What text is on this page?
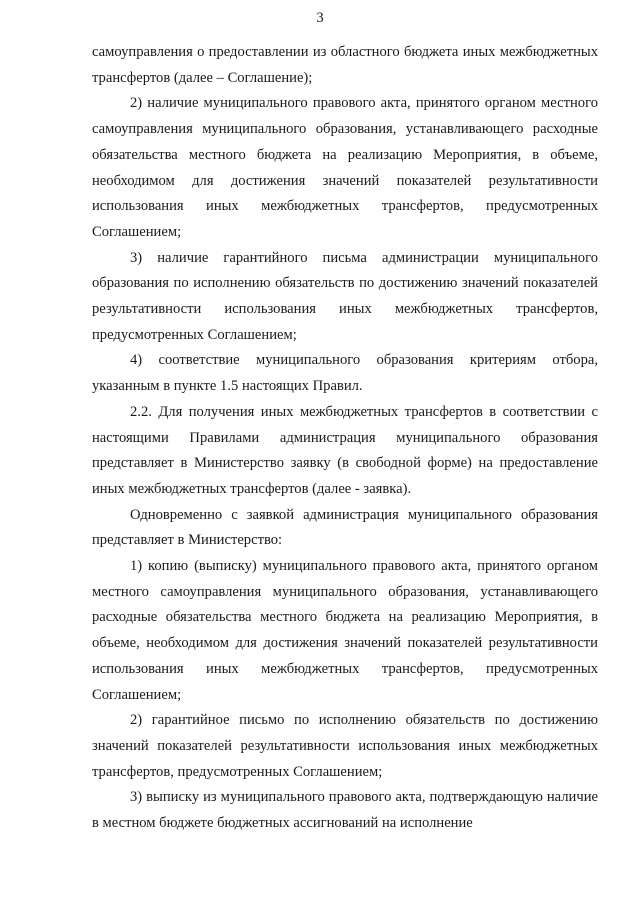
3

самоуправления о предоставлении из областного бюджета иных межбюджетных трансфертов (далее – Соглашение);

2) наличие муниципального правового акта, принятого органом местного самоуправления муниципального образования, устанавливающего расходные обязательства местного бюджета на реализацию Мероприятия, в объеме, необходимом для достижения значений показателей результативности использования иных межбюджетных трансфертов, предусмотренных Соглашением;

3) наличие гарантийного письма администрации муниципального образования по исполнению обязательств по достижению значений показателей результативности использования иных межбюджетных трансфертов, предусмотренных Соглашением;

4) соответствие муниципального образования критериям отбора, указанным в пункте 1.5 настоящих Правил.

2.2. Для получения иных межбюджетных трансфертов в соответствии с настоящими Правилами администрация муниципального образования представляет в Министерство заявку (в свободной форме) на предоставление иных межбюджетных трансфертов (далее - заявка).

Одновременно с заявкой администрация муниципального образования представляет в Министерство:

1) копию (выписку) муниципального правового акта, принятого органом местного самоуправления муниципального образования, устанавливающего расходные обязательства местного бюджета на реализацию Мероприятия, в объеме, необходимом для достижения значений показателей результативности использования иных межбюджетных трансфертов, предусмотренных Соглашением;

2) гарантийное письмо по исполнению обязательств по достижению значений показателей результативности использования иных межбюджетных трансфертов, предусмотренных Соглашением;

3) выписку из муниципального правового акта, подтверждающую наличие в местном бюджете бюджетных ассигнований на исполнение
